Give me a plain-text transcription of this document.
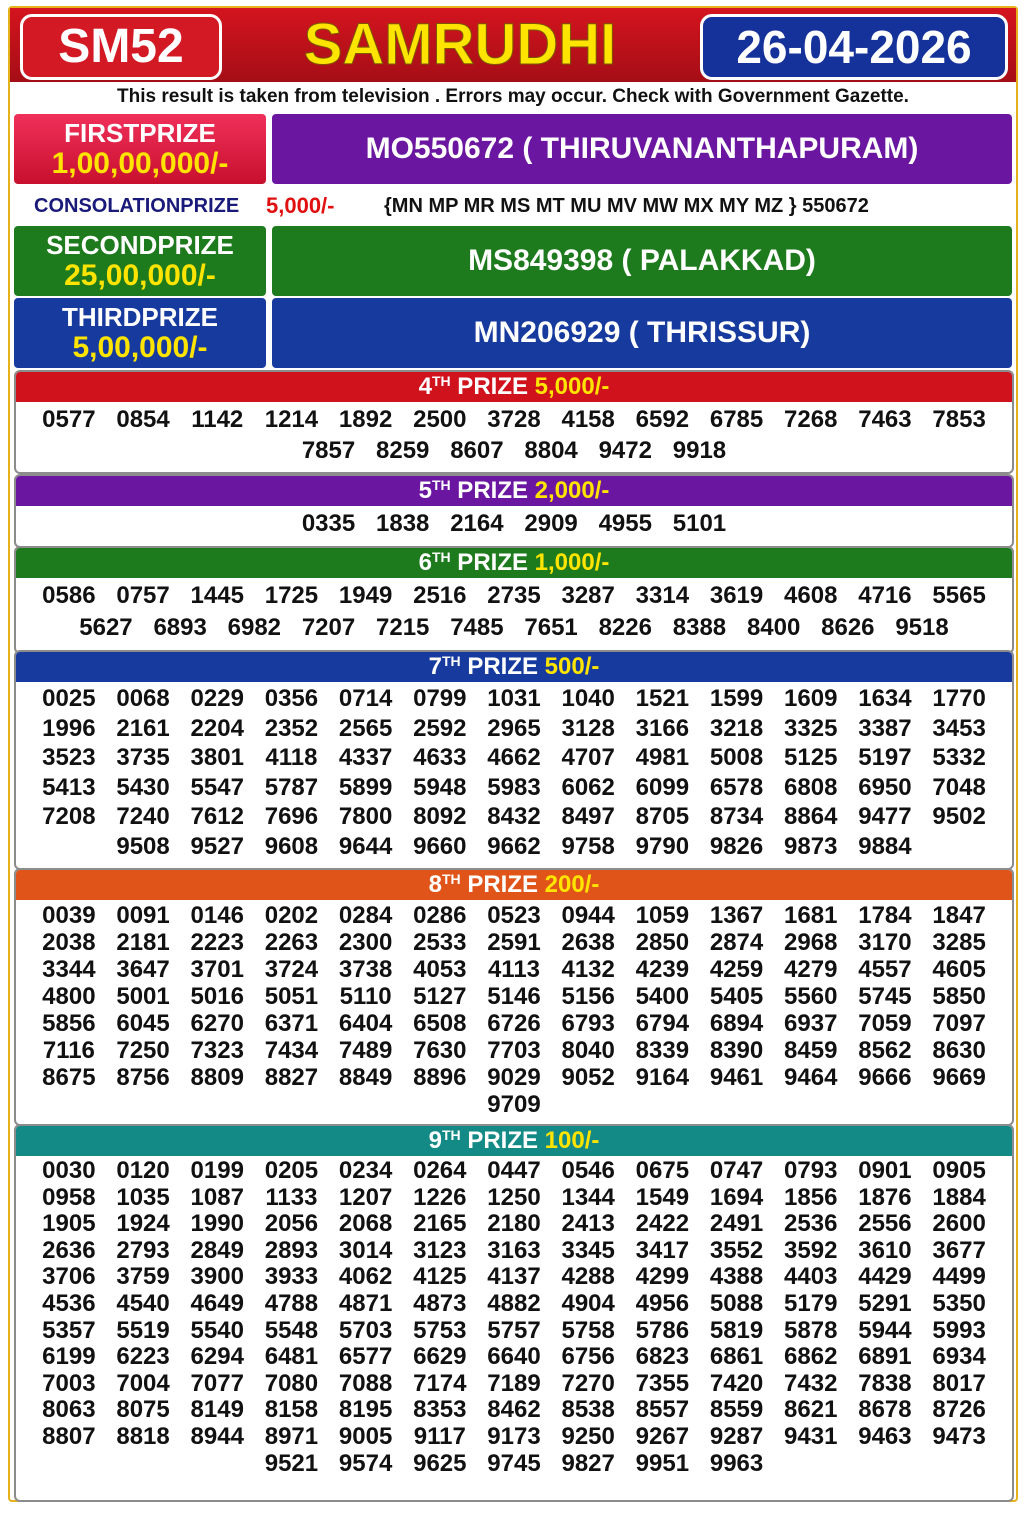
SM52	SAMRUDHI	26-04-2026
This result is taken from television . Errors may occur. Check with Government Gazette.
FIRSTPRIZE
1,00,00,000/-	MO550672 ( THIRUVANANTHAPURAM)
CONSOLATIONPRIZE 5,000/- {MN MP MR MS MT MU MV MW MX MY MZ } 550672
SECONDPRIZE
25,00,000/-	MS849398 ( PALAKKAD)
THIRDPRIZE
5,00,000/-	MN206929 ( THRISSUR)
4TH PRIZE 5,000/-
0577 0854 1142 1214 1892 2500 3728 4158 6592 6785 7268 7463 7853
7857 8259 8607 8804 9472 9918
5TH PRIZE 2,000/-
0335 1838 2164 2909 4955 5101
6TH PRIZE 1,000/-
0586 0757 1445 1725 1949 2516 2735 3287 3314 3619 4608 4716 5565
5627 6893 6982 7207 7215 7485 7651 8226 8388 8400 8626 9518
7TH PRIZE 500/-
0025 0068 0229 0356 0714 0799 1031 1040 1521 1599 1609 1634 1770
1996 2161 2204 2352 2565 2592 2965 3128 3166 3218 3325 3387 3453
3523 3735 3801 4118 4337 4633 4662 4707 4981 5008 5125 5197 5332
5413 5430 5547 5787 5899 5948 5983 6062 6099 6578 6808 6950 7048
7208 7240 7612 7696 7800 8092 8432 8497 8705 8734 8864 9477 9502
9508 9527 9608 9644 9660 9662 9758 9790 9826 9873 9884
8TH PRIZE 200/-
0039 0091 0146 0202 0284 0286 0523 0944 1059 1367 1681 1784 1847
2038 2181 2223 2263 2300 2533 2591 2638 2850 2874 2968 3170 3285
3344 3647 3701 3724 3738 4053 4113 4132 4239 4259 4279 4557 4605
4800 5001 5016 5051 5110 5127 5146 5156 5400 5405 5560 5745 5850
5856 6045 6270 6371 6404 6508 6726 6793 6794 6894 6937 7059 7097
7116 7250 7323 7434 7489 7630 7703 8040 8339 8390 8459 8562 8630
8675 8756 8809 8827 8849 8896 9029 9052 9164 9461 9464 9666 9669
9709
9TH PRIZE 100/-
0030 0120 0199 0205 0234 0264 0447 0546 0675 0747 0793 0901 0905
0958 1035 1087 1133 1207 1226 1250 1344 1549 1694 1856 1876 1884
1905 1924 1990 2056 2068 2165 2180 2413 2422 2491 2536 2556 2600
2636 2793 2849 2893 3014 3123 3163 3345 3417 3552 3592 3610 3677
3706 3759 3900 3933 4062 4125 4137 4288 4299 4388 4403 4429 4499
4536 4540 4649 4788 4871 4873 4882 4904 4956 5088 5179 5291 5350
5357 5519 5540 5548 5703 5753 5757 5758 5786 5819 5878 5944 5993
6199 6223 6294 6481 6577 6629 6640 6756 6823 6861 6862 6891 6934
7003 7004 7077 7080 7088 7174 7189 7270 7355 7420 7432 7838 8017
8063 8075 8149 8158 8195 8353 8462 8538 8557 8559 8621 8678 8726
8807 8818 8944 8971 9005 9117 9173 9250 9267 9287 9431 9463 9473
9521 9574 9625 9745 9827 9951 9963
